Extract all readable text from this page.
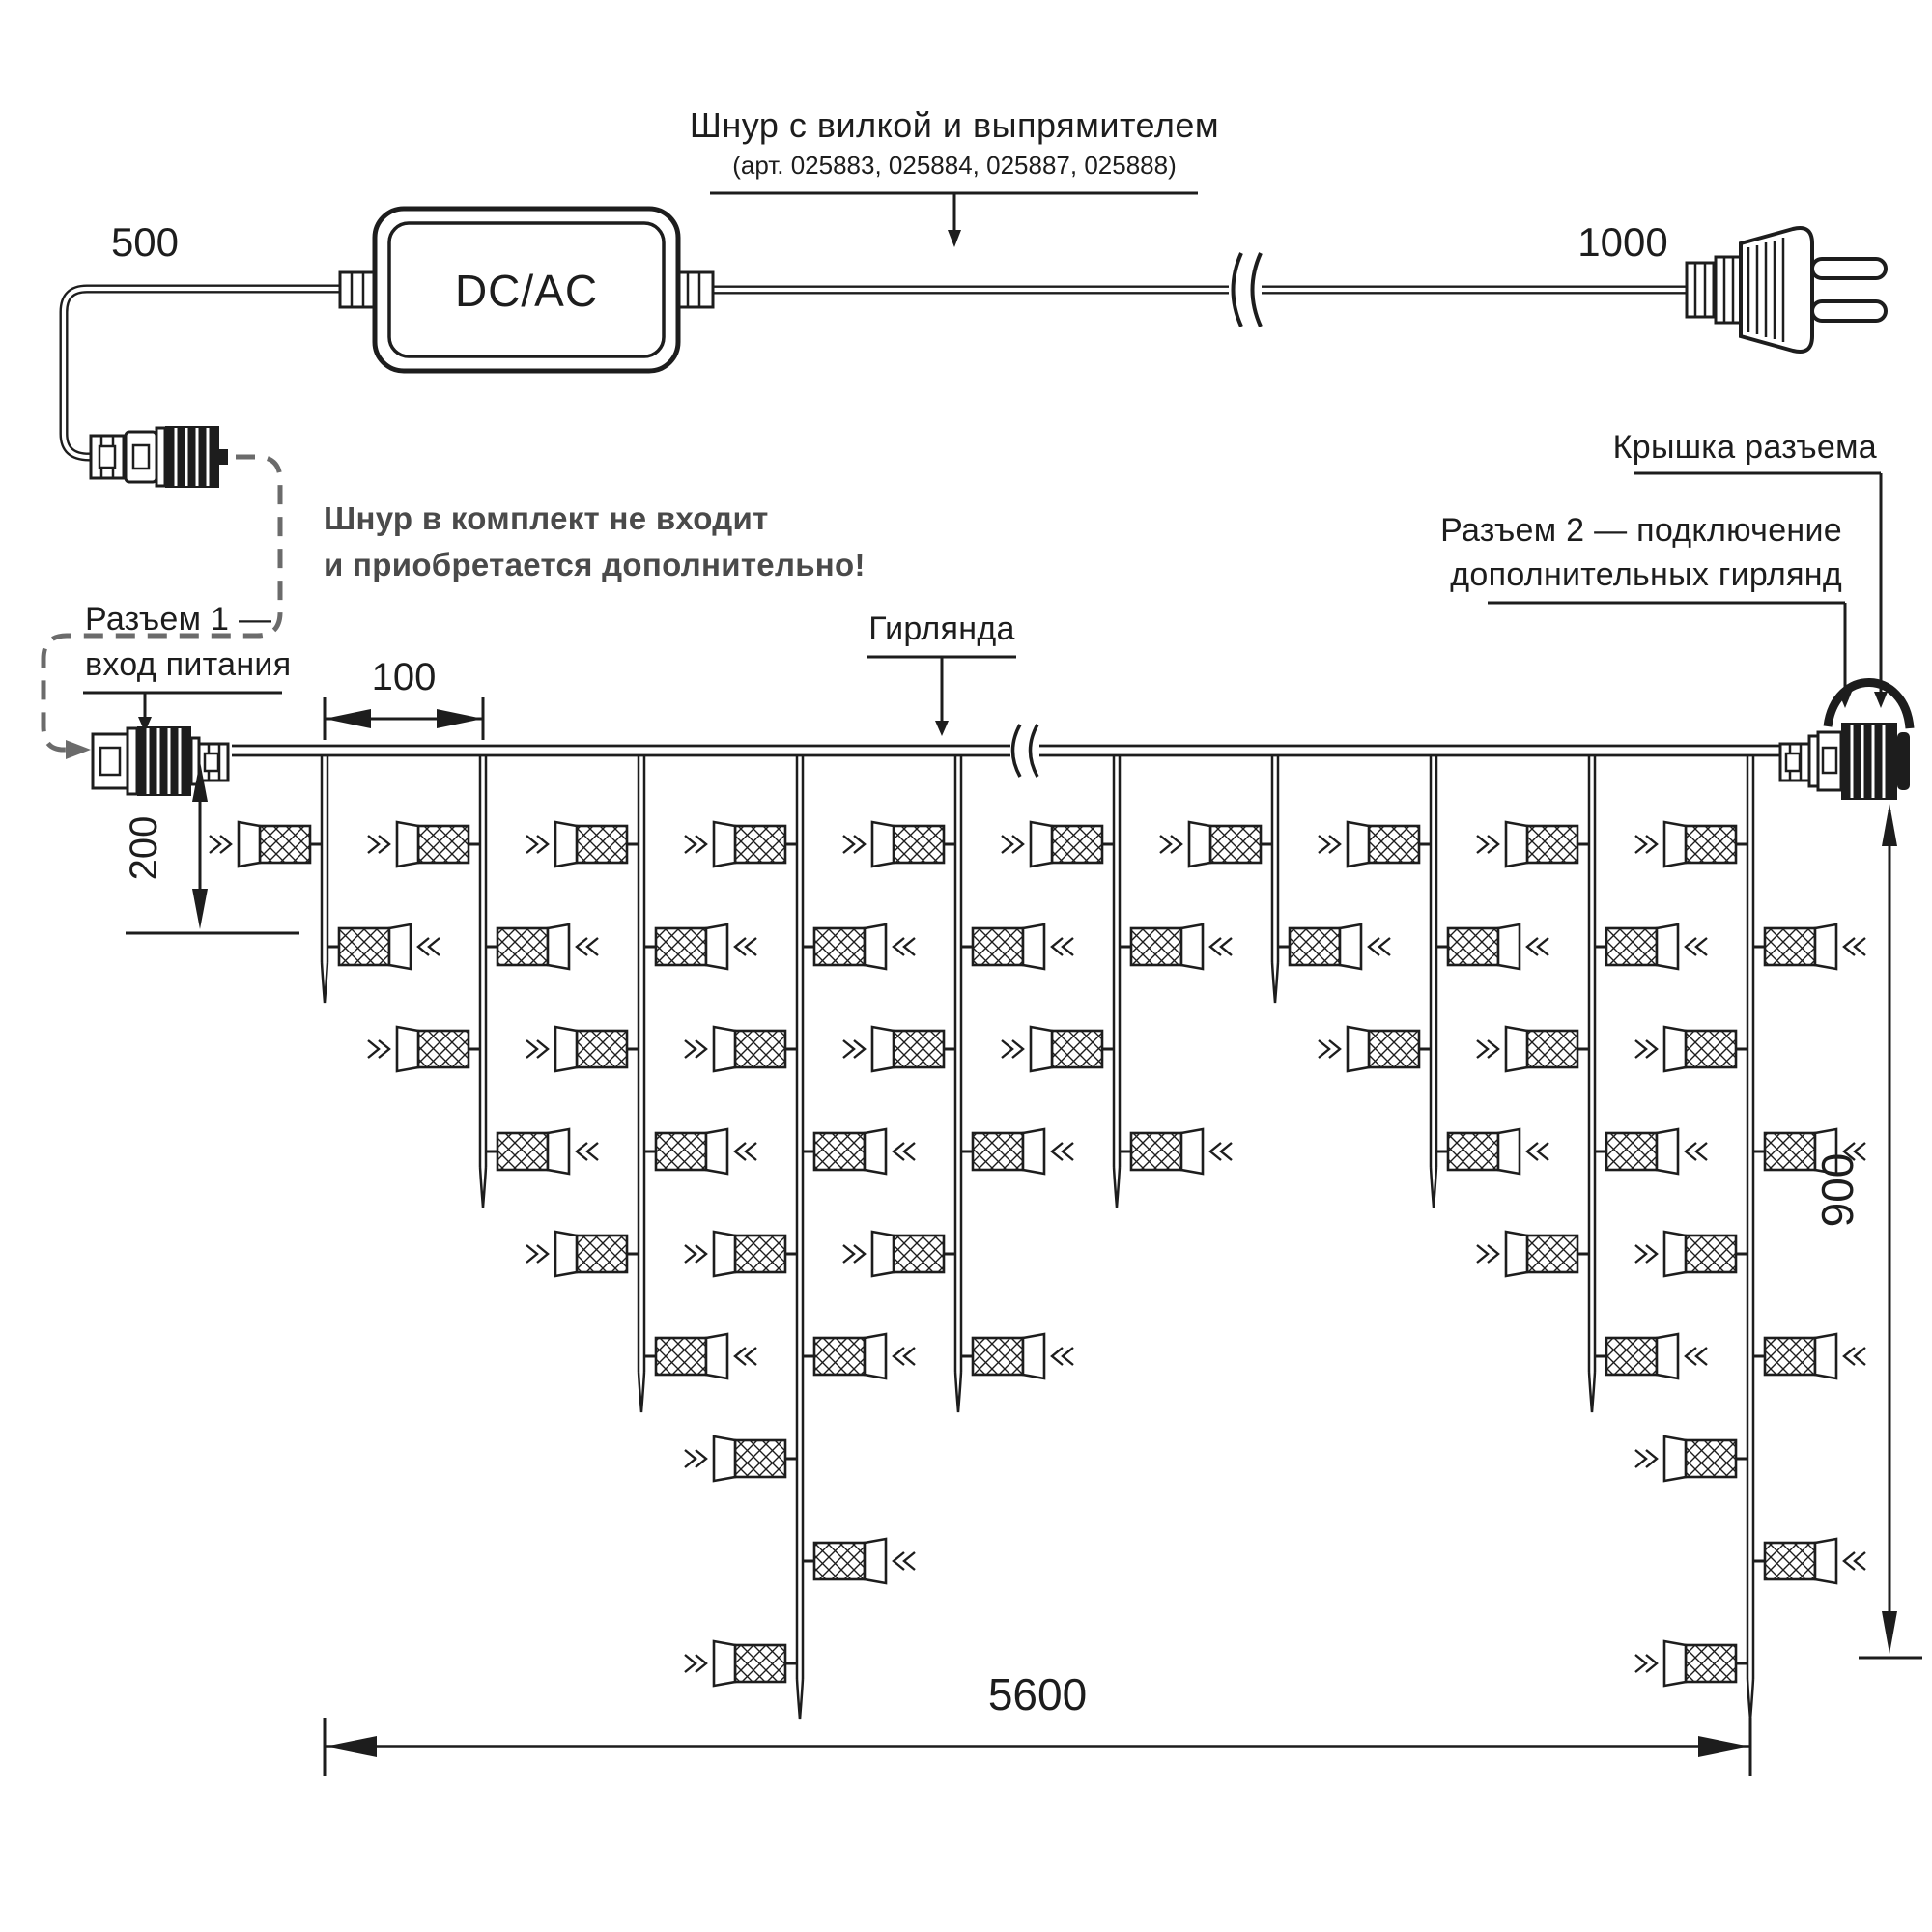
Шнур с вилкой и выпрямителем
(арт. 025883, 025884, 025887, 025888)
500	1000
DC/AC
Шнур в комплект не входит
и приобретается дополнительно!
Разъем 1 —
вход питания
Гирлянда
Крышка разъема
Разъем 2 — подключение
дополнительных гирлянд
100
200
5600
900
